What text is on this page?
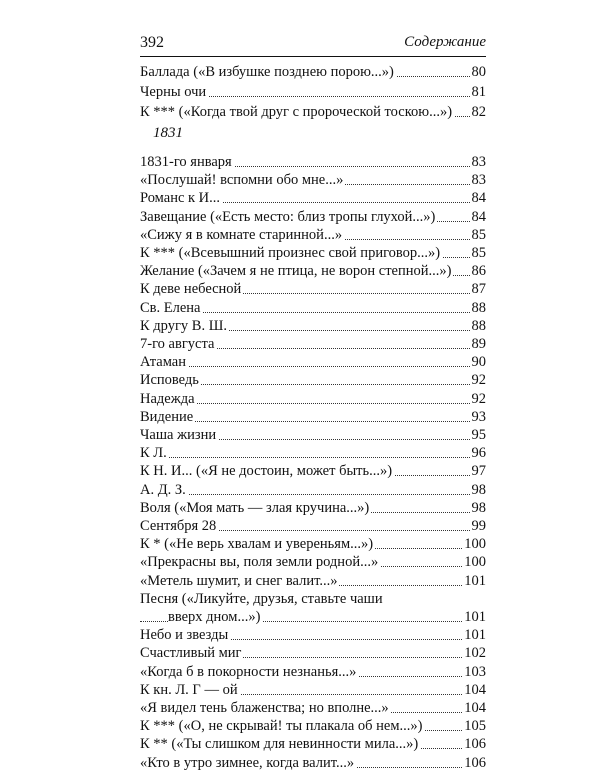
392	Содержание
Баллада («В избушке позднею порою...»)	80
Черны очи	81
К *** («Когда твой друг с пророческой тоскою...») 82
1831
1831-го января	83
«Послушай! вспомни обо мне...»	83
Романс к И...	84
Завещание («Есть место: близ тропы глухой...») 84
«Сижу я в комнате старинной...»	85
К *** («Всевышний произнес свой приговор...») 85
Желание («Зачем я не птица, не ворон степной...») 86
К деве небесной	87
Св. Елена	88
К другу В. Ш.	88
7-го августа	89
Атаман	90
Исповедь	92
Надежда	92
Видение	93
Чаша жизни	95
К Л.	96
К Н. И... («Я не достоин, может быть...»)	97
А. Д. З.	98
Воля («Моя мать — злая кручина...»)	98
Сентября 28	99
К * («Не верь хвалам и увереньям...»)	100
«Прекрасны вы, поля земли родной...»	100
«Метель шумит, и снег валит...»	101
Песня («Ликуйте, друзья, ставьте чаши
вверх дном...»)	101
Небо и звезды	101
Счастливый миг	102
«Когда б в покорности незнанья...»	103
К кн. Л. Г — ой	104
«Я видел тень блаженства; но вполне...»	104
К *** («О, не скрывай! ты плакала об нем...»)	105
К ** («Ты слишком для невинности мила...»)	106
«Кто в утро зимнее, когда валит...»	106
